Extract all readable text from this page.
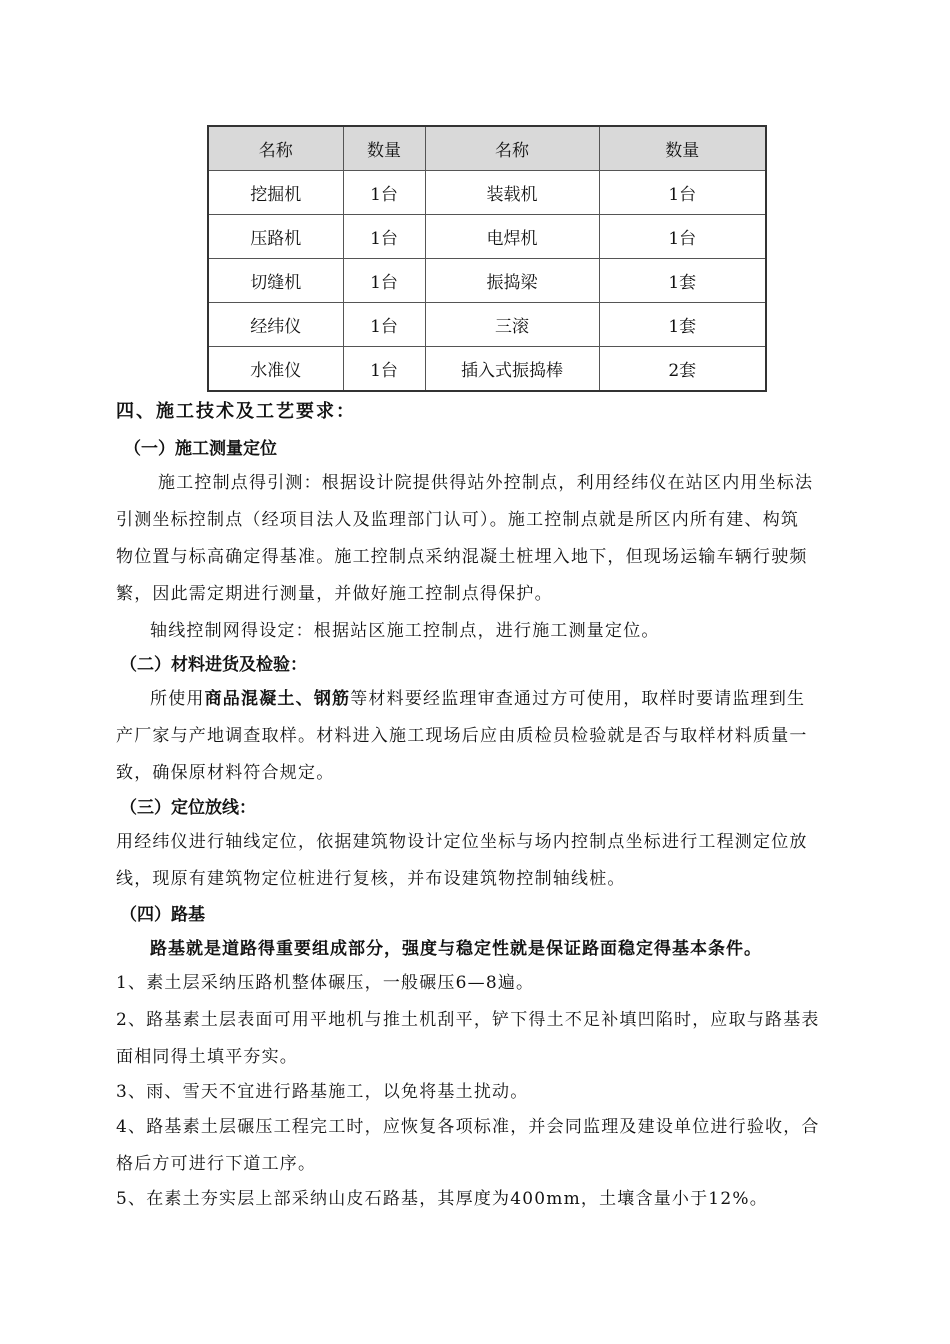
名称	数量	名称	数量
挖掘机	1台	装载机	1台
压路机	1台	电焊机	1台
切缝机	1台	振捣梁	1套
经纬仪	1台	三滚	1套
水准仪	1台	插入式振捣棒	2套
四、施工技术及工艺要求：
（一）施工测量定位
施工控制点得引测：根据设计院提供得站外控制点，利用经纬仪在站区内用坐标法
引测坐标控制点（经项目法人及监理部门认可）。施工控制点就是所区内所有建、构筑
物位置与标高确定得基准。施工控制点采纳混凝土桩埋入地下，但现场运输车辆行驶频
繁，因此需定期进行测量，并做好施工控制点得保护。
轴线控制网得设定：根据站区施工控制点，进行施工测量定位。
（二）材料进货及检验：
所使用商品混凝土、钢筋等材料要经监理审查通过方可使用，取样时要请监理到生
产厂家与产地调查取样。材料进入施工现场后应由质检员检验就是否与取样材料质量一
致，确保原材料符合规定。
（三）定位放线：
用经纬仪进行轴线定位，依据建筑物设计定位坐标与场内控制点坐标进行工程测定位放
线，现原有建筑物定位桩进行复核，并布设建筑物控制轴线桩。
（四）路基
路基就是道路得重要组成部分，强度与稳定性就是保证路面稳定得基本条件。
1、素土层采纳压路机整体碾压，一般碾压6—8遍。
2、路基素土层表面可用平地机与推土机刮平，铲下得土不足补填凹陷时，应取与路基表
面相同得土填平夯实。
3、雨、雪天不宜进行路基施工，以免将基土扰动。
4、路基素土层碾压工程完工时，应恢复各项标准，并会同监理及建设单位进行验收，合
格后方可进行下道工序。
5、在素土夯实层上部采纳山皮石路基，其厚度为400mm，土壤含量小于12%。
